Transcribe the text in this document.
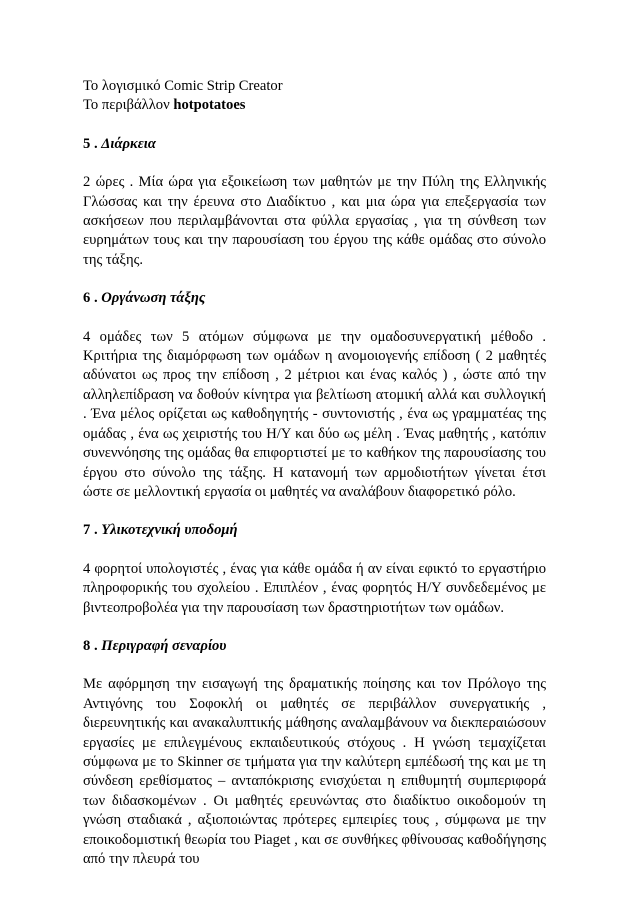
Το λογισμικό Comic Strip Creator

Το περιβάλλον hotpotatoes

5 . Διάρκεια

2 ώρες . Μία ώρα για εξοικείωση των μαθητών με την Πύλη της Ελληνικής Γλώσσας και την έρευνα στο Διαδίκτυο , και μια ώρα για επεξεργασία των ασκήσεων που περιλαμβάνονται στα φύλλα εργασίας , για τη σύνθεση των ευρημάτων τους και την παρουσίαση του έργου της κάθε ομάδας στο σύνολο της τάξης.

6 . Οργάνωση τάξης

4 ομάδες των 5 ατόμων σύμφωνα με την ομαδοσυνεργατική μέθοδο . Κριτήρια της διαμόρφωση των ομάδων η ανομοιογενής επίδοση ( 2 μαθητές αδύνατοι ως προς την επίδοση , 2 μέτριοι και ένας καλός ) , ώστε από την αλληλεπίδραση να δοθούν κίνητρα για βελτίωση ατομική αλλά και συλλογική . Ένα μέλος ορίζεται ως καθοδηγητής - συντονιστής , ένα ως γραμματέας της ομάδας , ένα ως χειριστής του Η/Υ και δύο ως μέλη . Ένας μαθητής , κατόπιν συνεννόησης της ομάδας θα επιφορτιστεί με το καθήκον της παρουσίασης του έργου στο σύνολο της τάξης. Η κατανομή των αρμοδιοτήτων γίνεται έτσι ώστε σε μελλοντική εργασία οι μαθητές να αναλάβουν διαφορετικό ρόλο.

7 . Υλικοτεχνική υποδομή

4 φορητοί υπολογιστές , ένας για κάθε ομάδα ή αν είναι εφικτό το εργαστήριο πληροφορικής του σχολείου . Επιπλέον , ένας φορητός Η/Υ συνδεδεμένος με βιντεοπροβολέα για την παρουσίαση των δραστηριοτήτων των ομάδων.

8 . Περιγραφή σεναρίου

Με αφόρμηση την εισαγωγή της δραματικής ποίησης και τον Πρόλογο της Αντιγόνης του Σοφοκλή οι μαθητές σε περιβάλλον συνεργατικής , διερευνητικής και ανακαλυπτικής μάθησης αναλαμβάνουν να διεκπεραιώσουν εργασίες με επιλεγμένους εκπαιδευτικούς στόχους . Η γνώση τεμαχίζεται σύμφωνα με το Skinner σε τμήματα για την καλύτερη εμπέδωσή της και με τη σύνδεση ερεθίσματος – ανταπόκρισης ενισχύεται η επιθυμητή συμπεριφορά των διδασκομένων . Οι μαθητές ερευνώντας στο διαδίκτυο οικοδομούν τη γνώση σταδιακά , αξιοποιώντας πρότερες εμπειρίες τους , σύμφωνα με την εποικοδομιστική θεωρία του Piaget , και σε συνθήκες φθίνουσας καθοδήγησης από την πλευρά του
